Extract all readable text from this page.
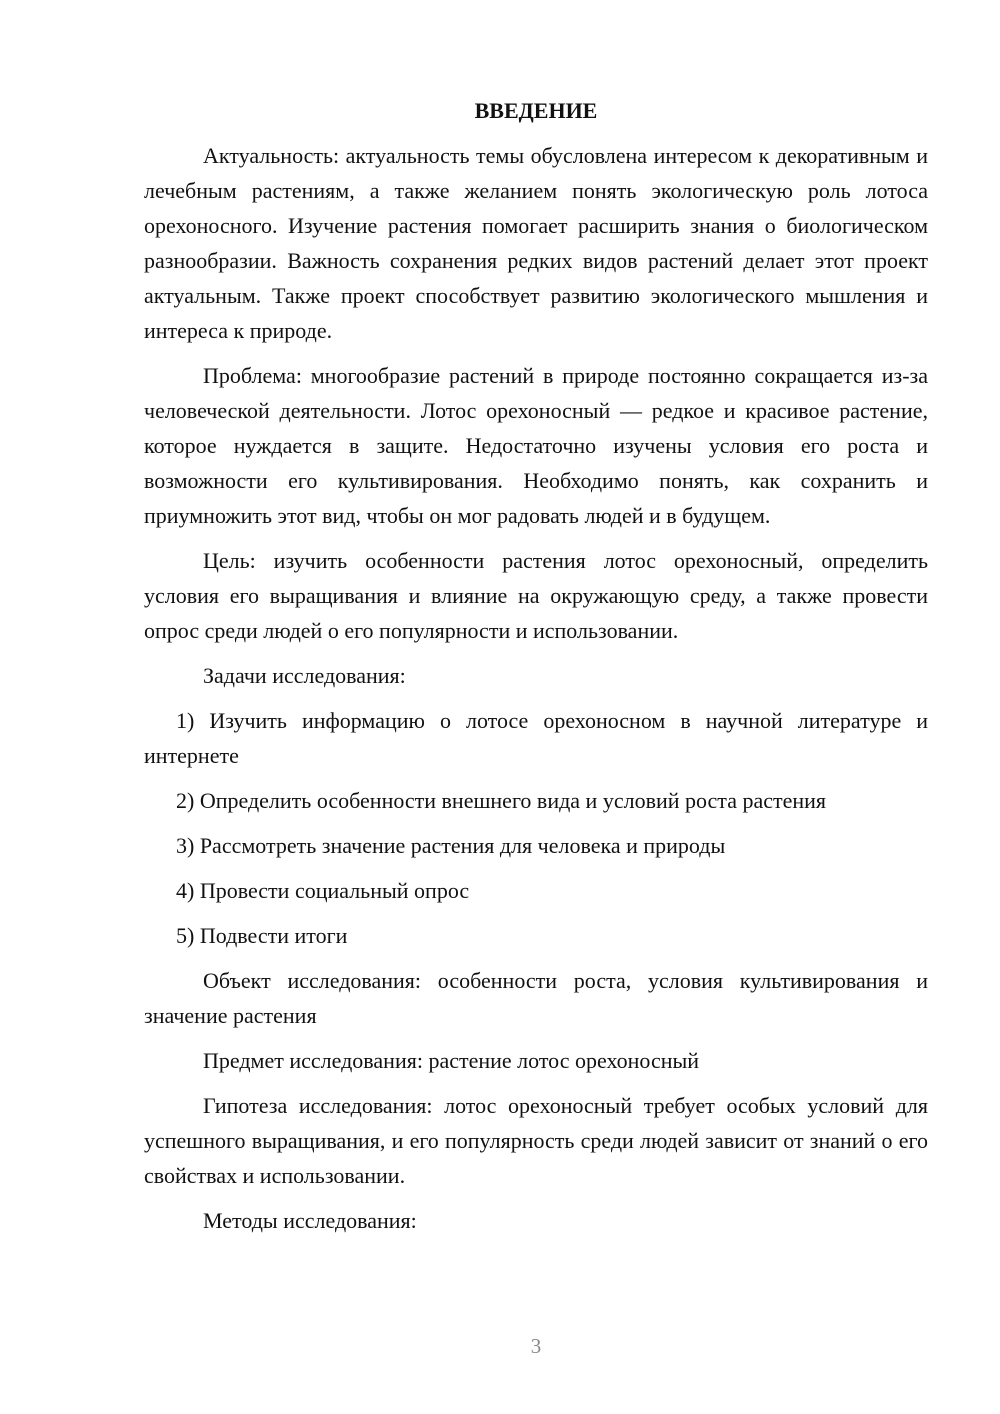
ВВЕДЕНИЕ

Актуальность: актуальность темы обусловлена интересом к декоративным и лечебным растениям, а также желанием понять экологическую роль лотоса орехоносного. Изучение растения помогает расширить знания о биологическом разнообразии. Важность сохранения редких видов растений делает этот проект актуальным. Также проект способствует развитию экологического мышления и интереса к природе.

Проблема: многообразие растений в природе постоянно сокращается из-за человеческой деятельности. Лотос орехоносный — редкое и красивое растение, которое нуждается в защите. Недостаточно изучены условия его роста и возможности его культивирования. Необходимо понять, как сохранить и приумножить этот вид, чтобы он мог радовать людей и в будущем.

Цель: изучить особенности растения лотос орехоносный, определить условия его выращивания и влияние на окружающую среду, а также провести опрос среди людей о его популярности и использовании.

Задачи исследования:

1) Изучить информацию о лотосе орехоносном в научной литературе и интернете

2) Определить особенности внешнего вида и условий роста растения

3) Рассмотреть значение растения для человека и природы

4) Провести социальный опрос

5) Подвести итоги

Объект исследования: особенности роста, условия культивирования и значение растения

Предмет исследования: растение лотос орехоносный

Гипотеза исследования: лотос орехоносный требует особых условий для успешного выращивания, и его популярность среди людей зависит от знаний о его свойствах и использовании.

Методы исследования:

3
